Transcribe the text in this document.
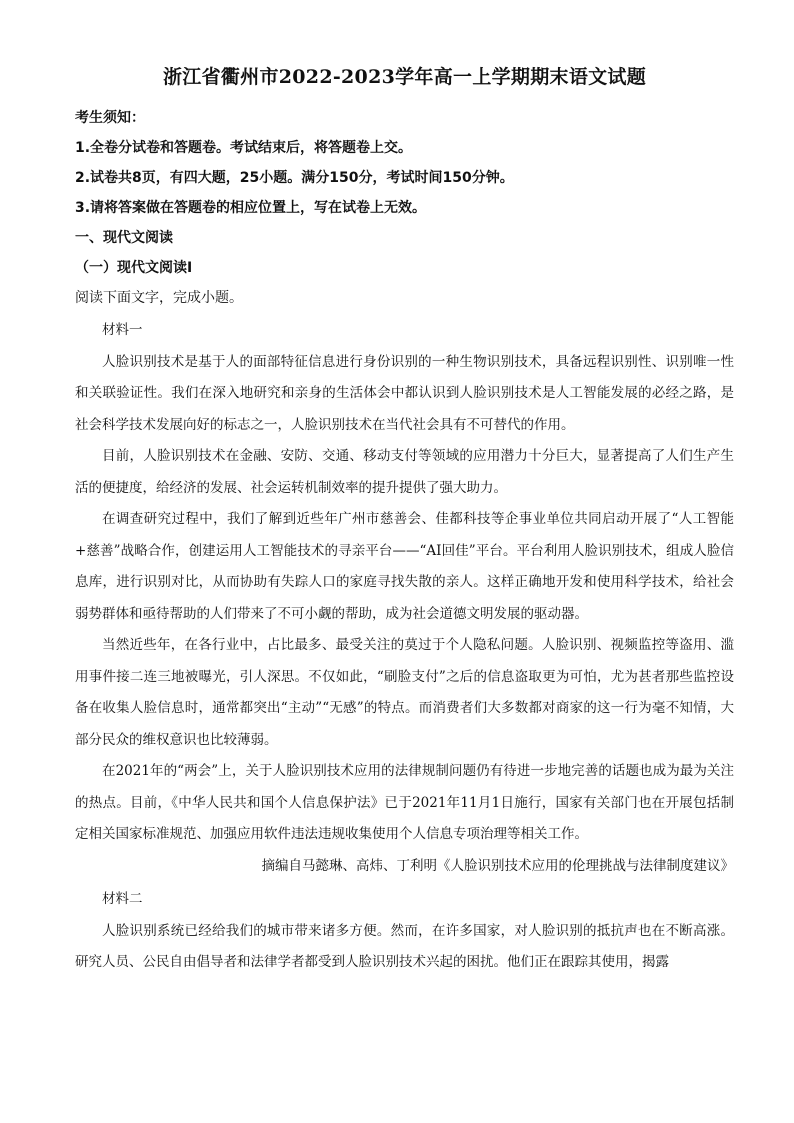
浙江省衢州市2022-2023学年高一上学期期末语文试题

考生须知：

1.全卷分试卷和答题卷。考试结束后，将答题卷上交。

2.试卷共8页，有四大题，25小题。满分150分，考试时间150分钟。

3.请将答案做在答题卷的相应位置上，写在试卷上无效。

一、现代文阅读

（一）现代文阅读Ⅰ

阅读下面文字，完成小题。

材料一

人脸识别技术是基于人的面部特征信息进行身份识别的一种生物识别技术，具备远程识别性、识别唯一性和关联验证性。我们在深入地研究和亲身的生活体会中都认识到人脸识别技术是人工智能发展的必经之路，是社会科学技术发展向好的标志之一，人脸识别技术在当代社会具有不可替代的作用。

目前，人脸识别技术在金融、安防、交通、移动支付等领域的应用潜力十分巨大，显著提高了人们生产生活的便捷度，给经济的发展、社会运转机制效率的提升提供了强大助力。

在调查研究过程中，我们了解到近些年广州市慈善会、佳都科技等企事业单位共同启动开展了“人工智能+慈善”战略合作，创建运用人工智能技术的寻亲平台——“AI回佳”平台。平台利用人脸识别技术，组成人脸信息库，进行识别对比，从而协助有失踪人口的家庭寻找失散的亲人。这样正确地开发和使用科学技术，给社会弱势群体和亟待帮助的人们带来了不可小觑的帮助，成为社会道德文明发展的驱动器。

当然近些年，在各行业中，占比最多、最受关注的莫过于个人隐私问题。人脸识别、视频监控等盗用、滥用事件接二连三地被曝光，引人深思。不仅如此，“刷脸支付”之后的信息盗取更为可怕，尤为甚者那些监控设备在收集人脸信息时，通常都突出“主动”“无感”的特点。而消费者们大多数都对商家的这一行为毫不知情，大部分民众的维权意识也比较薄弱。

在2021年的“两会”上，关于人脸识别技术应用的法律规制问题仍有待进一步地完善的话题也成为最为关注的热点。目前，《中华人民共和国个人信息保护法》已于2021年11月1日施行，国家有关部门也在开展包括制定相关国家标准规范、加强应用软件违法违规收集使用个人信息专项治理等相关工作。

摘编自马懿琳、高炜、丁利明《人脸识别技术应用的伦理挑战与法律制度建议》

材料二

人脸识别系统已经给我们的城市带来诸多方便。然而，在许多国家，对人脸识别的抵抗声也在不断高涨。研究人员、公民自由倡导者和法律学者都受到人脸识别技术兴起的困扰。他们正在跟踪其使用，揭露
